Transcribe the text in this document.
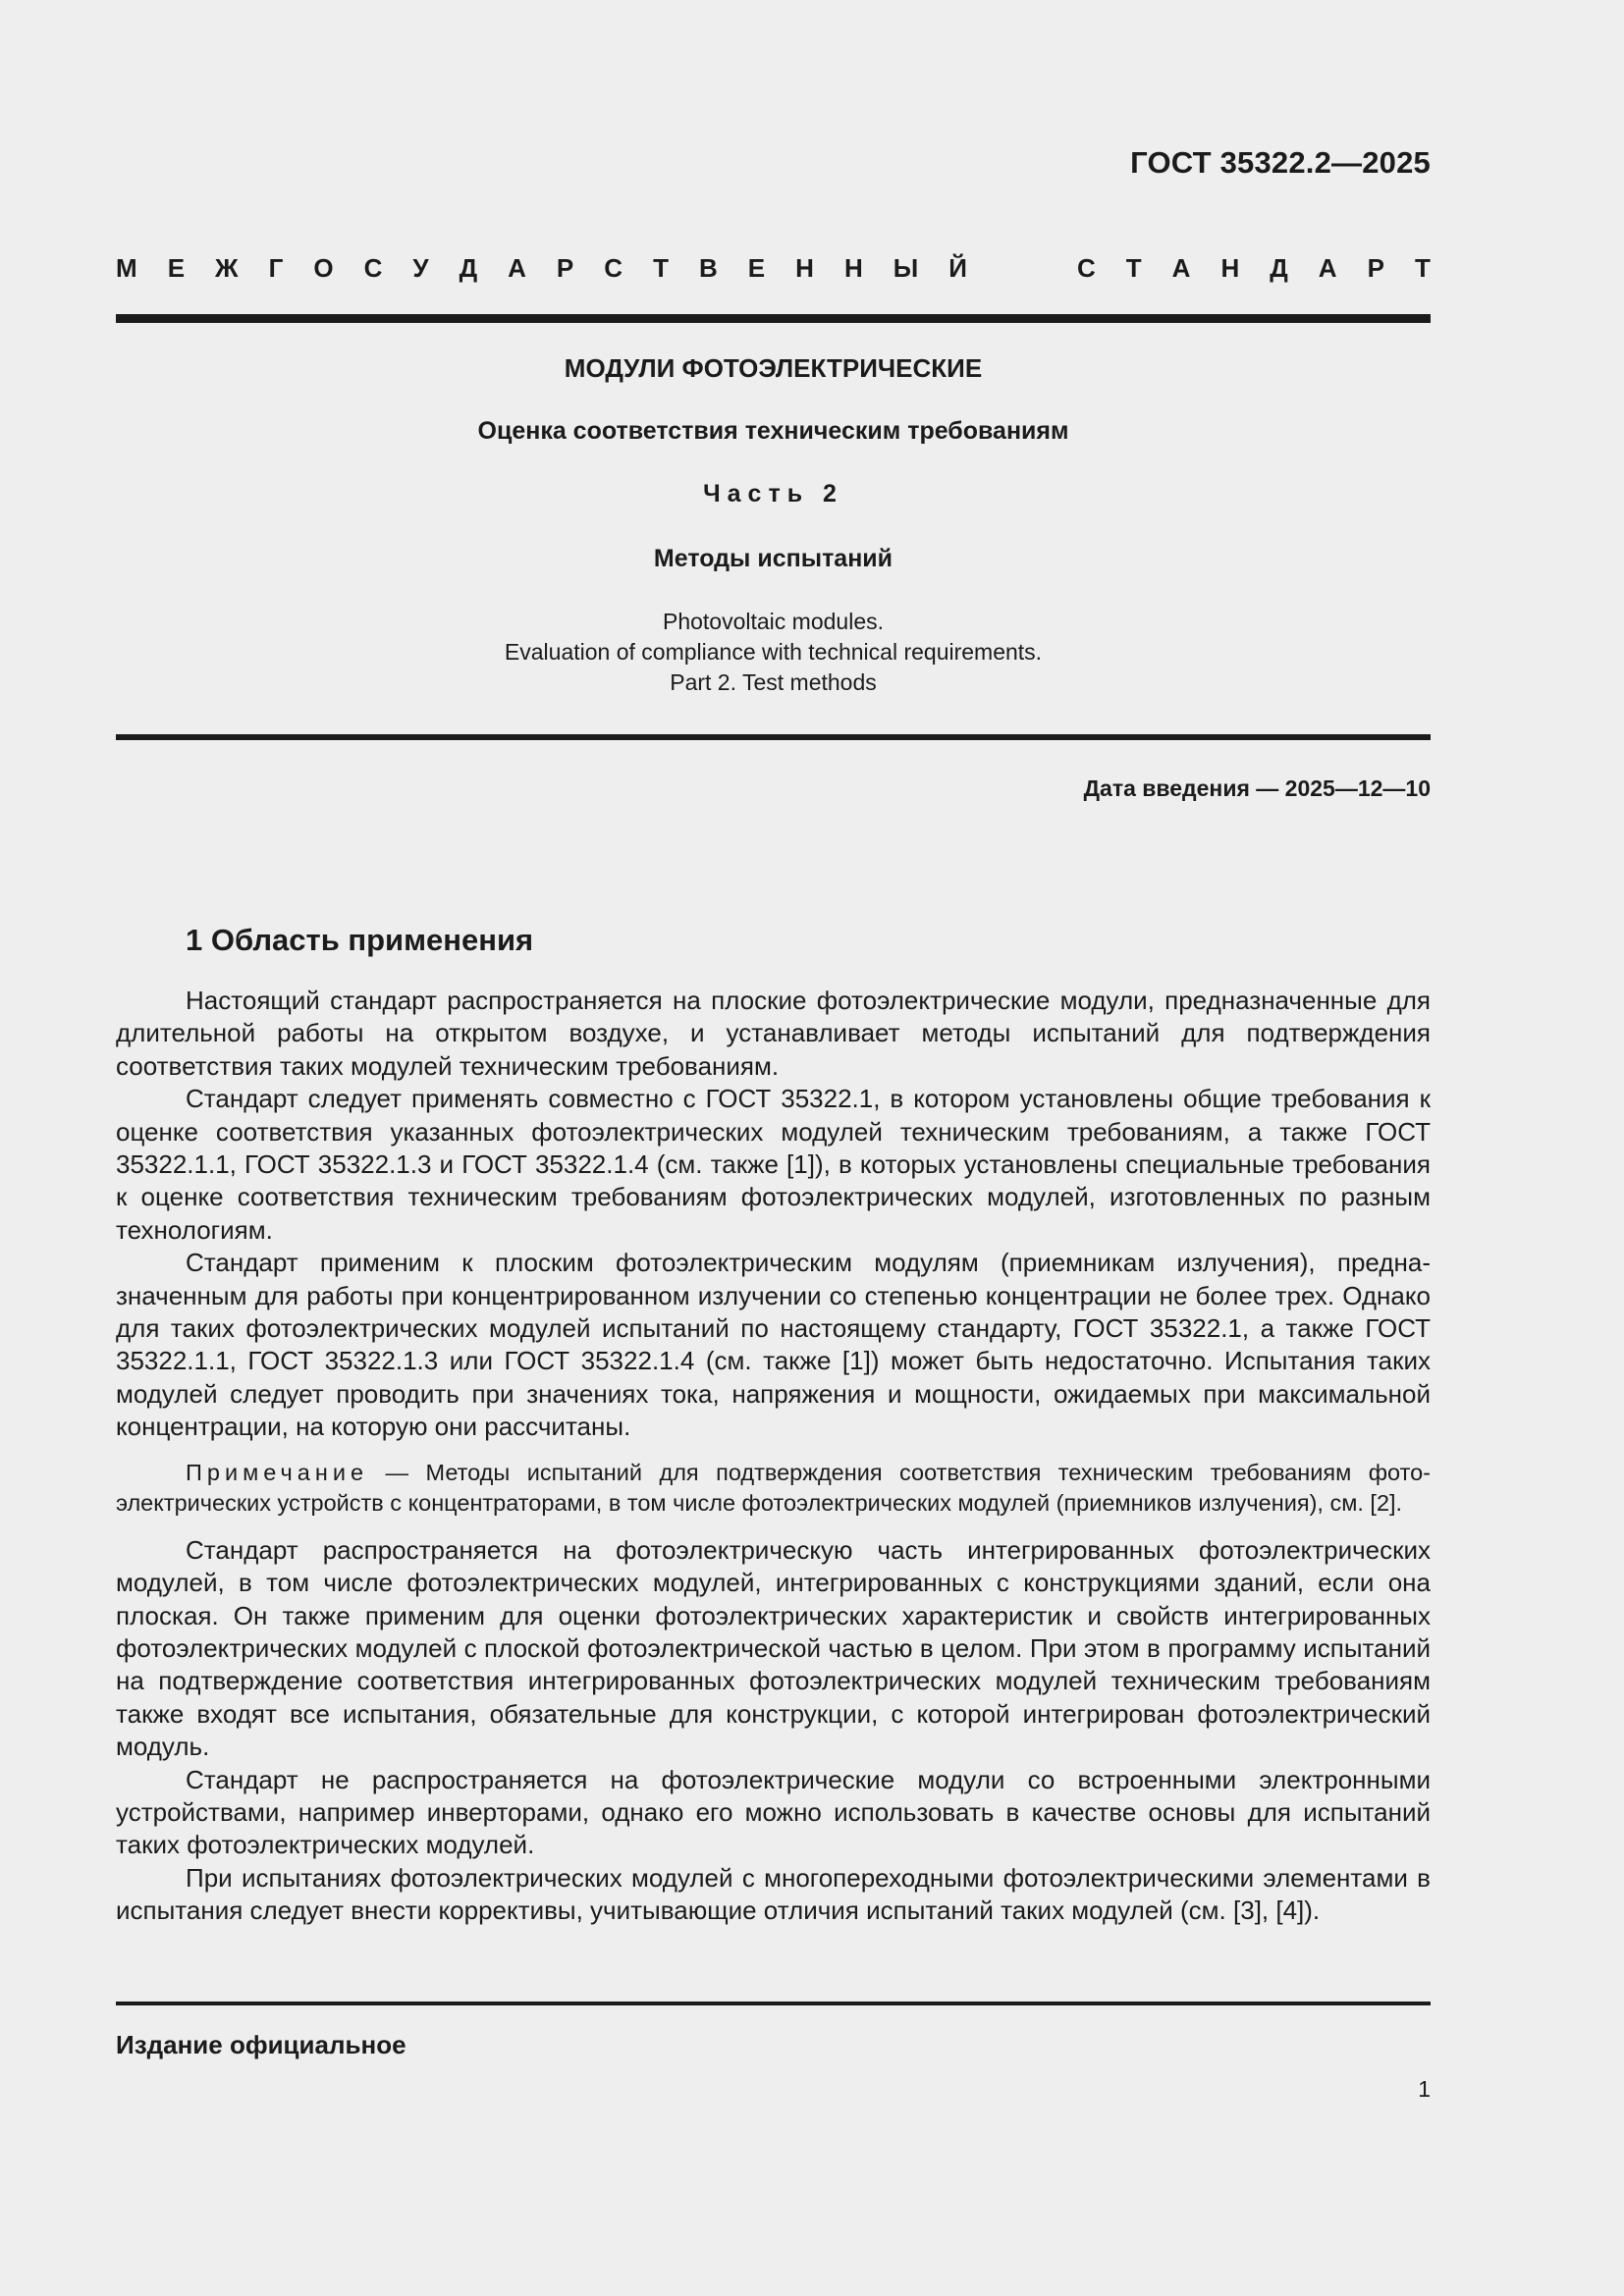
ГОСТ 35322.2—2025
М Е Ж Г О С У Д А Р С Т В Е Н Н Ы Й	С Т А Н Д А Р Т
МОДУЛИ ФОТОЭЛЕКТРИЧЕСКИЕ
Оценка соответствия техническим требованиям
Часть 2
Методы испытаний
Photovoltaic modules.
Evaluation of compliance with technical requirements.
Part 2. Test methods
Дата введения — 2025—12—10
1 Область применения

Настоящий стандарт распространяется на плоские фотоэлектрические модули, предназначенные для длительной работы на открытом воздухе, и устанавливает методы испытаний для подтверждения соответствия таких модулей техническим требованиям.

Стандарт следует применять совместно с ГОСТ 35322.1, в котором установлены общие требования к оценке соответствия указанных фотоэлектрических модулей техническим требованиям, а также ГОСТ 35322.1.1, ГОСТ 35322.1.3 и ГОСТ 35322.1.4 (см. также [1]), в которых установлены специальные требования к оценке соответствия техническим требованиям фотоэлектрических модулей, изготовленных по разным технологиям.

Стандарт применим к плоским фотоэлектрическим модулям (приемникам излучения), предназначенным для работы при концентрированном излучении со степенью концентрации не более трех. Однако для таких фотоэлектрических модулей испытаний по настоящему стандарту, ГОСТ 35322.1, а также ГОСТ 35322.1.1, ГОСТ 35322.1.3 или ГОСТ 35322.1.4 (см. также [1]) может быть недостаточно. Испытания таких модулей следует проводить при значениях тока, напряжения и мощности, ожидаемых при максимальной концентрации, на которую они рассчитаны.

Примечание — Методы испытаний для подтверждения соответствия техническим требованиям фотоэлектрических устройств с концентраторами, в том числе фотоэлектрических модулей (приемников излучения), см. [2].

Стандарт распространяется на фотоэлектрическую часть интегрированных фотоэлектрических модулей, в том числе фотоэлектрических модулей, интегрированных с конструкциями зданий, если она плоская. Он также применим для оценки фотоэлектрических характеристик и свойств интегрированных фотоэлектрических модулей с плоской фотоэлектрической частью в целом. При этом в программу испытаний на подтверждение соответствия интегрированных фотоэлектрических модулей техническим требованиям также входят все испытания, обязательные для конструкции, с которой интегрирован фотоэлектрический модуль.

Стандарт не распространяется на фотоэлектрические модули со встроенными электронными устройствами, например инверторами, однако его можно использовать в качестве основы для испытаний таких фотоэлектрических модулей.

При испытаниях фотоэлектрических модулей с многопереходными фотоэлектрическими элементами в испытания следует внести коррективы, учитывающие отличия испытаний таких модулей (см. [3], [4]).

Издание официальное
1
